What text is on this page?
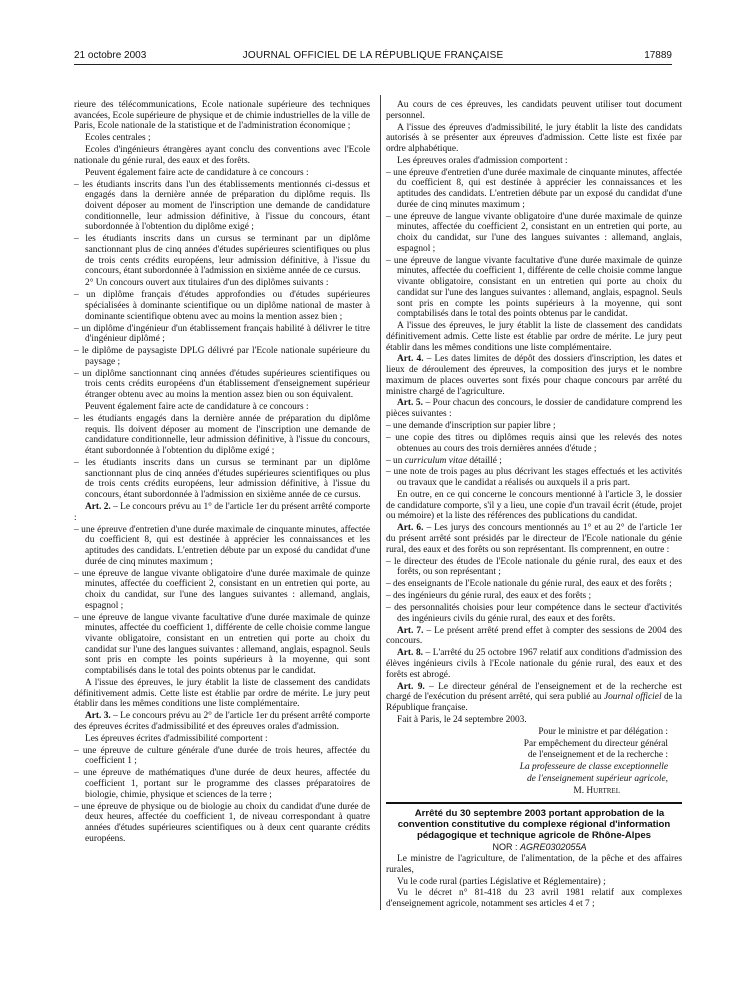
21 octobre 2003	JOURNAL OFFICIEL DE LA RÉPUBLIQUE FRANÇAISE	17889

rieure des télécommunications, Ecole nationale supérieure des techniques avancées, Ecole supérieure de physique et de chimie industrielles de la ville de Paris, Ecole nationale de la statistique et de l'administration économique ;

Ecoles centrales ;

Ecoles d'ingénieurs étrangères ayant conclu des conventions avec l'Ecole nationale du génie rural, des eaux et des forêts.

Peuvent également faire acte de candidature à ce concours :

– les étudiants inscrits dans l'un des établissements mentionnés ci-dessus et engagés dans la dernière année de préparation du diplôme requis. Ils doivent déposer au moment de l'inscription une demande de candidature conditionnelle, leur admission définitive, à l'issue du concours, étant subordonnée à l'obtention du diplôme exigé ;

– les étudiants inscrits dans un cursus se terminant par un diplôme sanctionnant plus de cinq années d'études supérieures scientifiques ou plus de trois cents crédits européens, leur admission définitive, à l'issue du concours, étant subordonnée à l'admission en sixième année de ce cursus.

2° Un concours ouvert aux titulaires d'un des diplômes suivants :

– un diplôme français d'études approfondies ou d'études supérieures spécialisées à dominante scientifique ou un diplôme national de master à dominante scientifique obtenu avec au moins la mention assez bien ;

– un diplôme d'ingénieur d'un établissement français habilité à délivrer le titre d'ingénieur diplômé ;

– le diplôme de paysagiste DPLG délivré par l'Ecole nationale supérieure du paysage ;

– un diplôme sanctionnant cinq années d'études supérieures scientifiques ou trois cents crédits européens d'un établissement d'enseignement supérieur étranger obtenu avec au moins la mention assez bien ou son équivalent.

Peuvent également faire acte de candidature à ce concours :

– les étudiants engagés dans la dernière année de préparation du diplôme requis. Ils doivent déposer au moment de l'inscription une demande de candidature conditionnelle, leur admission définitive, à l'issue du concours, étant subordonnée à l'obtention du diplôme exigé ;

– les étudiants inscrits dans un cursus se terminant par un diplôme sanctionnant plus de cinq années d'études supérieures scientifiques ou plus de trois cents crédits européens, leur admission définitive, à l'issue du concours, étant subordonnée à l'admission en sixième année de ce cursus.

Art. 2. – Le concours prévu au 1° de l'article 1er du présent arrêté comporte :

– une épreuve d'entretien d'une durée maximale de cinquante minutes, affectée du coefficient 8, qui est destinée à apprécier les connaissances et les aptitudes des candidats. L'entretien débute par un exposé du candidat d'une durée de cinq minutes maximum ;

– une épreuve de langue vivante obligatoire d'une durée maximale de quinze minutes, affectée du coefficient 2, consistant en un entretien qui porte, au choix du candidat, sur l'une des langues suivantes : allemand, anglais, espagnol ;

– une épreuve de langue vivante facultative d'une durée maximale de quinze minutes, affectée du coefficient 1, différente de celle choisie comme langue vivante obligatoire, consistant en un entretien qui porte au choix du candidat sur l'une des langues suivantes : allemand, anglais, espagnol. Seuls sont pris en compte les points supérieurs à la moyenne, qui sont comptabilisés dans le total des points obtenus par le candidat.

A l'issue des épreuves, le jury établit la liste de classement des candidats définitivement admis. Cette liste est établie par ordre de mérite. Le jury peut établir dans les mêmes conditions une liste complémentaire.

Art. 3. – Le concours prévu au 2° de l'article 1er du présent arrêté comporte des épreuves écrites d'admissibilité et des épreuves orales d'admission.

Les épreuves écrites d'admissibilité comportent :

– une épreuve de culture générale d'une durée de trois heures, affectée du coefficient 1 ;

– une épreuve de mathématiques d'une durée de deux heures, affectée du coefficient 1, portant sur le programme des classes préparatoires de biologie, chimie, physique et sciences de la terre ;

– une épreuve de physique ou de biologie au choix du candidat d'une durée de deux heures, affectée du coefficient 1, de niveau correspondant à quatre années d'études supérieures scientifiques ou à deux cent quarante crédits européens.

Au cours de ces épreuves, les candidats peuvent utiliser tout document personnel.

A l'issue des épreuves d'admissibilité, le jury établit la liste des candidats autorisés à se présenter aux épreuves d'admission. Cette liste est fixée par ordre alphabétique.

Les épreuves orales d'admission comportent :

– une épreuve d'entretien d'une durée maximale de cinquante minutes, affectée du coefficient 8, qui est destinée à apprécier les connaissances et les aptitudes des candidats. L'entretien débute par un exposé du candidat d'une durée de cinq minutes maximum ;

– une épreuve de langue vivante obligatoire d'une durée maximale de quinze minutes, affectée du coefficient 2, consistant en un entretien qui porte, au choix du candidat, sur l'une des langues suivantes : allemand, anglais, espagnol ;

– une épreuve de langue vivante facultative d'une durée maximale de quinze minutes, affectée du coefficient 1, différente de celle choisie comme langue vivante obligatoire, consistant en un entretien qui porte au choix du candidat sur l'une des langues suivantes : allemand, anglais, espagnol. Seuls sont pris en compte les points supérieurs à la moyenne, qui sont comptabilisés dans le total des points obtenus par le candidat.

A l'issue des épreuves, le jury établit la liste de classement des candidats définitivement admis. Cette liste est établie par ordre de mérite. Le jury peut établir dans les mêmes conditions une liste complémentaire.

Art. 4. – Les dates limites de dépôt des dossiers d'inscription, les dates et lieux de déroulement des épreuves, la composition des jurys et le nombre maximum de places ouvertes sont fixés pour chaque concours par arrêté du ministre chargé de l'agriculture.

Art. 5. – Pour chacun des concours, le dossier de candidature comprend les pièces suivantes :

– une demande d'inscription sur papier libre ;

– une copie des titres ou diplômes requis ainsi que les relevés des notes obtenues au cours des trois dernières années d'étude ;

– un curriculum vitae détaillé ;

– une note de trois pages au plus décrivant les stages effectués et les activités ou travaux que le candidat a réalisés ou auxquels il a pris part.

En outre, en ce qui concerne le concours mentionné à l'article 3, le dossier de candidature comporte, s'il y a lieu, une copie d'un travail écrit (étude, projet ou mémoire) et la liste des références des publications du candidat.

Art. 6. – Les jurys des concours mentionnés au 1° et au 2° de l'article 1er du présent arrêté sont présidés par le directeur de l'Ecole nationale du génie rural, des eaux et des forêts ou son représentant. Ils comprennent, en outre :

– le directeur des études de l'Ecole nationale du génie rural, des eaux et des forêts, ou son représentant ;

– des enseignants de l'Ecole nationale du génie rural, des eaux et des forêts ;

– des ingénieurs du génie rural, des eaux et des forêts ;

– des personnalités choisies pour leur compétence dans le secteur d'activités des ingénieurs civils du génie rural, des eaux et des forêts.

Art. 7. – Le présent arrêté prend effet à compter des sessions de 2004 des concours.

Art. 8. – L'arrêté du 25 octobre 1967 relatif aux conditions d'admission des élèves ingénieurs civils à l'Ecole nationale du génie rural, des eaux et des forêts est abrogé.

Art. 9. – Le directeur général de l'enseignement et de la recherche est chargé de l'exécution du présent arrêté, qui sera publié au Journal officiel de la République française.

Fait à Paris, le 24 septembre 2003.

Pour le ministre et par délégation :

Par empêchement du directeur général

de l'enseignement et de la recherche :

La professeure de classe exceptionnelle

de l'enseignement supérieur agricole,

M. Hurtrel

Arrêté du 30 septembre 2003 portant approbation de la convention constitutive du complexe régional d'information pédagogique et technique agricole de Rhône-Alpes

NOR : AGRE0302055A

Le ministre de l'agriculture, de l'alimentation, de la pêche et des affaires rurales,

Vu le code rural (parties Législative et Réglementaire) ;

Vu le décret n° 81-418 du 23 avril 1981 relatif aux complexes d'enseignement agricole, notamment ses articles 4 et 7 ;
